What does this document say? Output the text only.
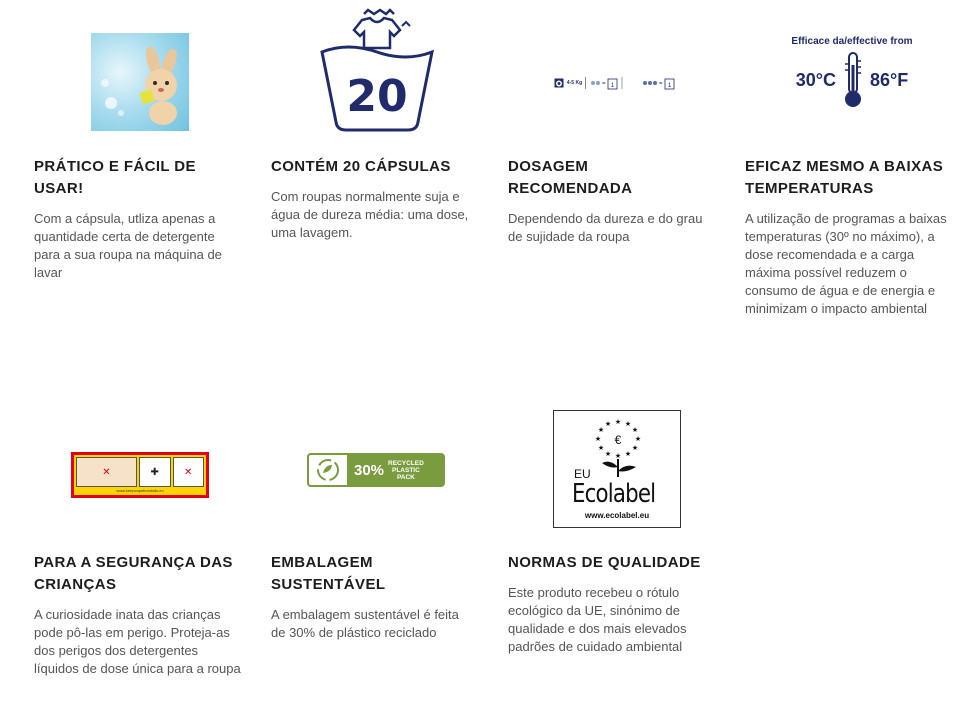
PRÁTICO E FÁCIL DE USAR!
Com a cápsula, utliza apenas a quantidade certa de detergente para a sua roupa na máquina de lavar
20
CONTÉM 20 CÁPSULAS
Com roupas normalmente suja e água de dureza média: uma dose, uma lavagem.
4-5 Kg	= 1	= 1
DOSAGEM RECOMENDADA
Dependendo da dureza e do grau de sujidade da roupa
Efficace da/effective from
30°C 86°F
EFICAZ MESMO A BAIXAS TEMPERATURAS
A utilização de programas a baixas temperaturas (30º no máximo), a dose recomendada e a carga máxima possível reduzem o consumo de água e de energia e minimizam o impacto ambiental
✕	✚	✕
www.keepcapsfromkids.eu
PARA A SEGURANÇA DAS CRIANÇAS
A curiosidade inata das crianças pode pô-las em perigo. Proteja-as dos perigos dos detergentes líquidos de dose única para a roupa
30% RECYCLED
PLASTIC
PACK
EMBALAGEM SUSTENTÁVEL
A embalagem sustentável é feita de 30% de plástico reciclado
★ ★
★
★
★
★
★
★
★
★
★ ★
€
EU
Ecolabel
www.ecolabel.eu
NORMAS DE QUALIDADE
Este produto recebeu o rótulo ecológico da UE, sinónimo de qualidade e dos mais elevados padrões de cuidado ambiental
